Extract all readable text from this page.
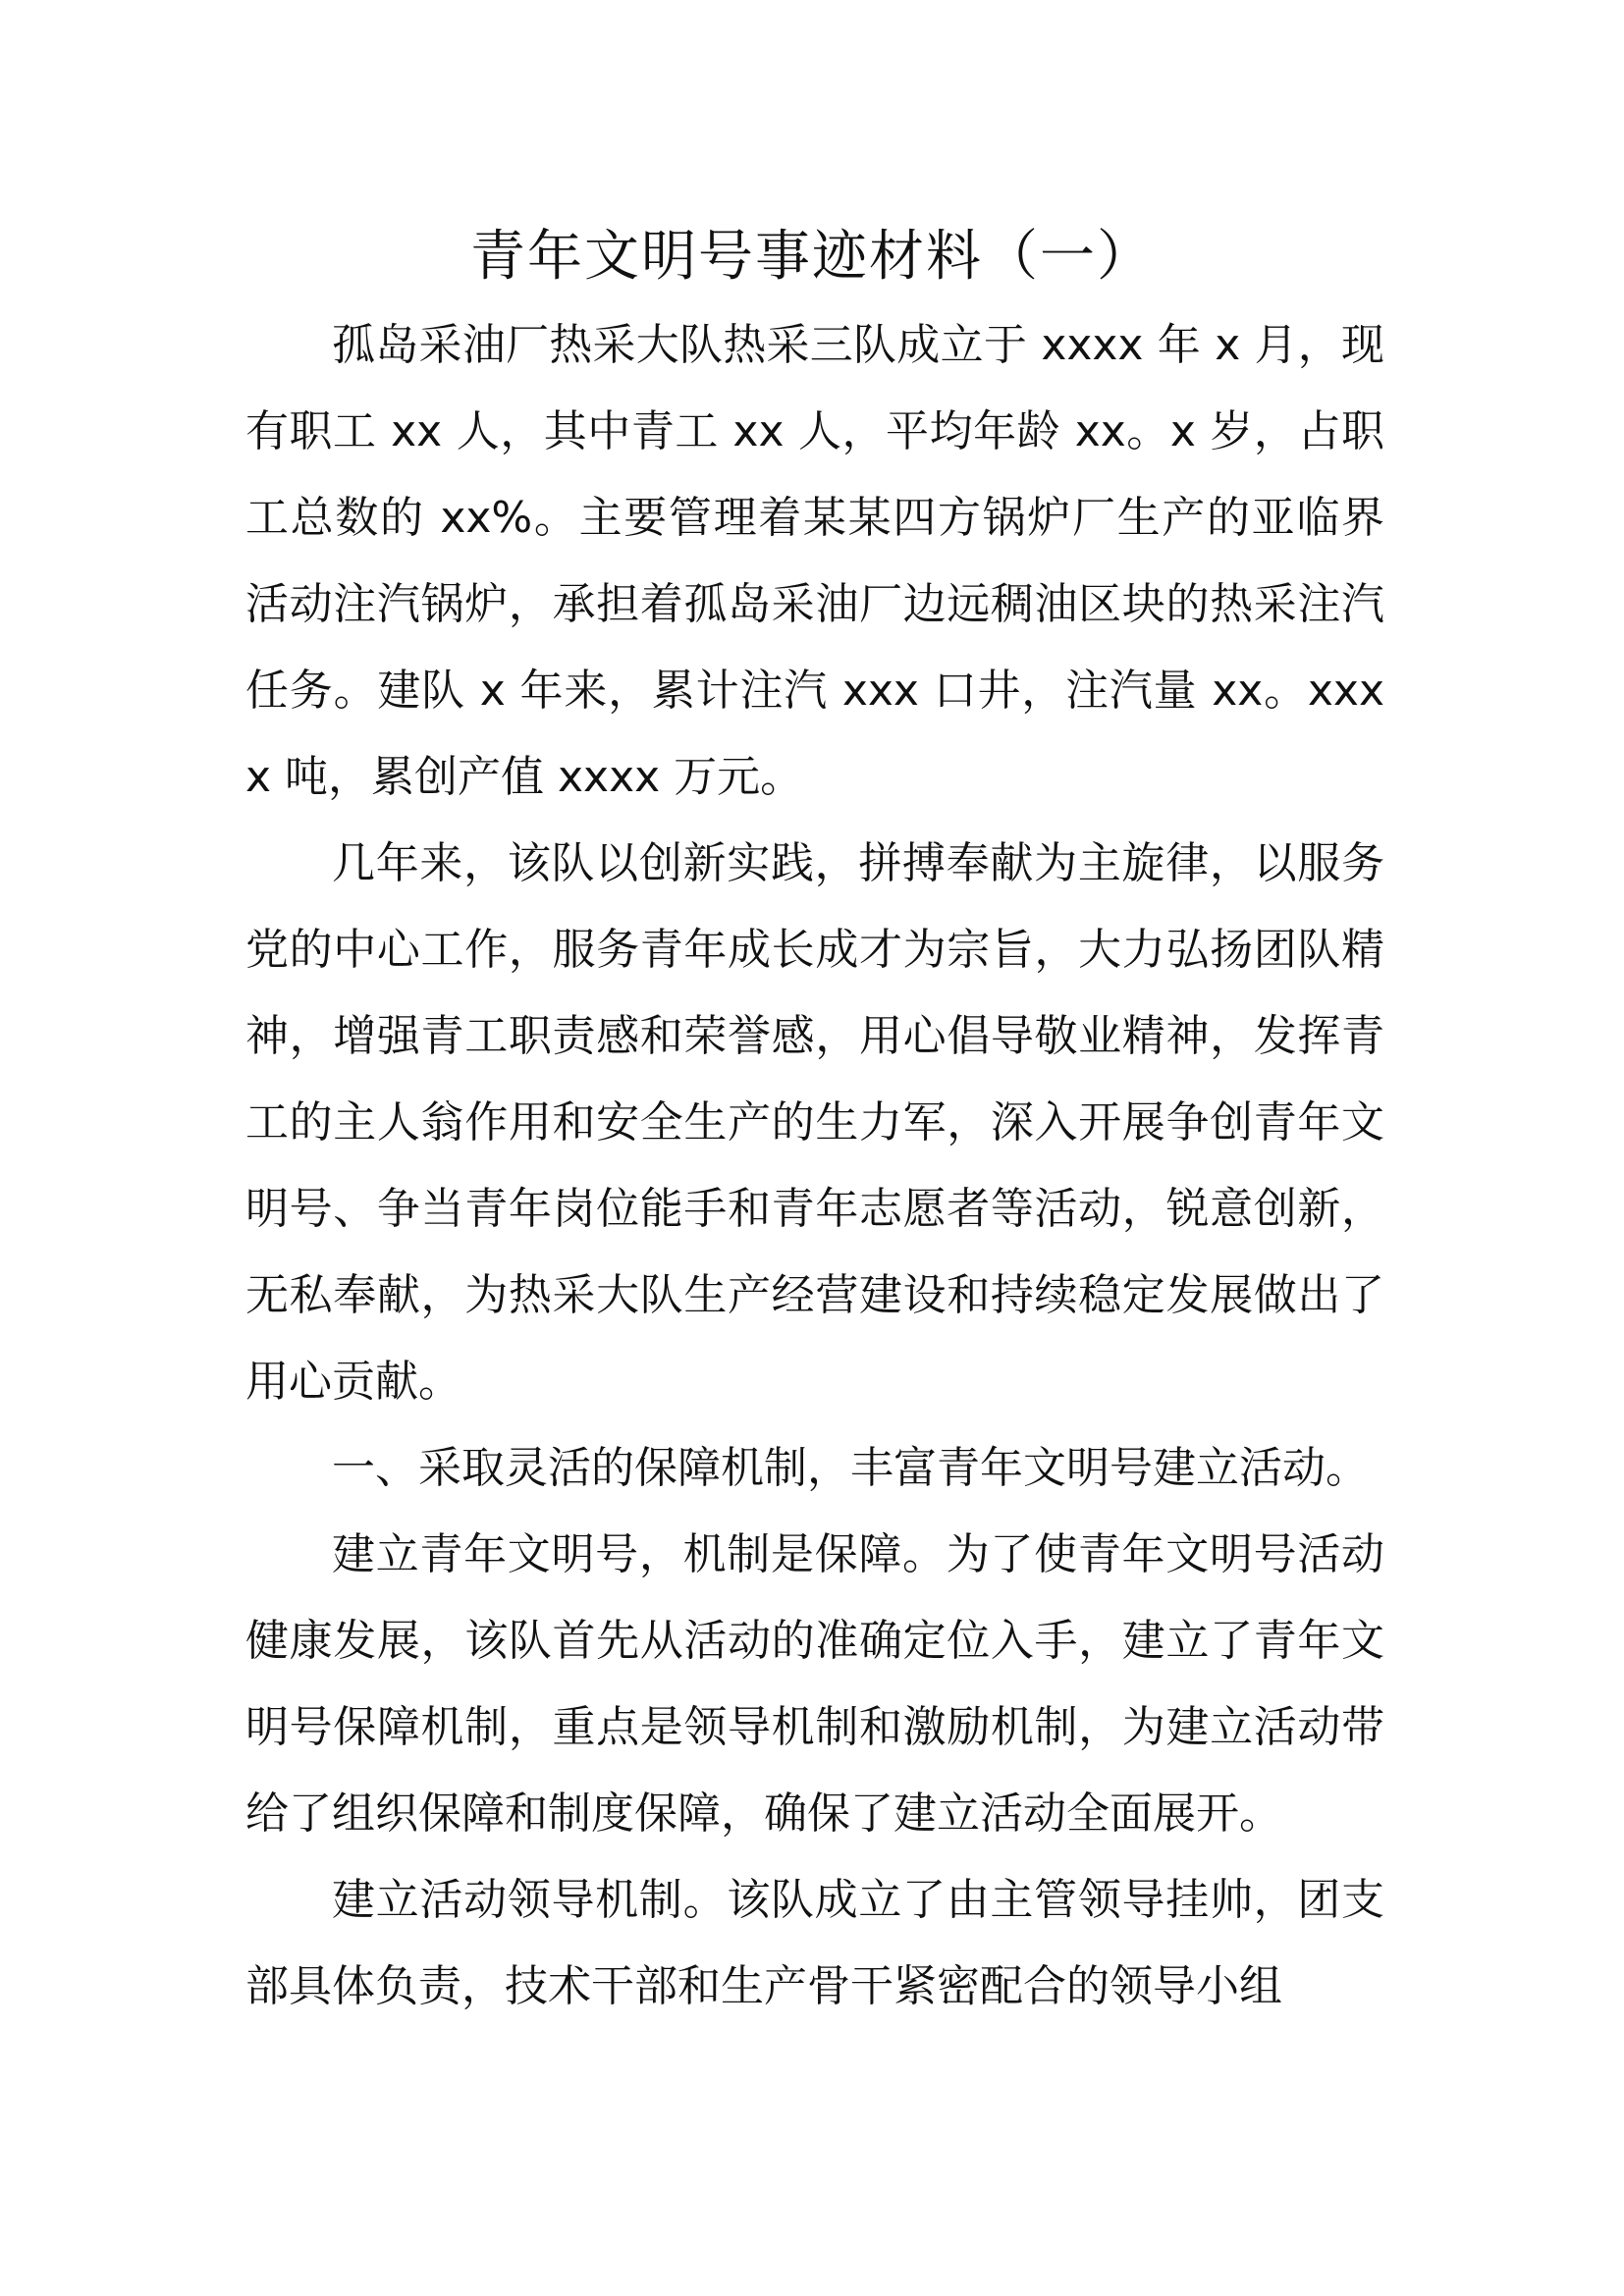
青年文明号事迹材料（一）

孤岛采油厂热采大队热采三队成立于 xxxx 年 x 月，现有职工 xx 人，其中青工 xx 人，平均年龄 xx。x 岁，占职工总数的 xx%。主要管理着某某四方锅炉厂生产的亚临界活动注汽锅炉，承担着孤岛采油厂边远稠油区块的热采注汽任务。建队 x 年来，累计注汽 xxx 口井，注汽量 xx。xxxx 吨，累创产值 xxxx 万元。

几年来，该队以创新实践，拼搏奉献为主旋律，以服务党的中心工作，服务青年成长成才为宗旨，大力弘扬团队精神，增强青工职责感和荣誉感，用心倡导敬业精神，发挥青工的主人翁作用和安全生产的生力军，深入开展争创青年文明号、争当青年岗位能手和青年志愿者等活动，锐意创新，无私奉献，为热采大队生产经营建设和持续稳定发展做出了用心贡献。

一、采取灵活的保障机制，丰富青年文明号建立活动。

建立青年文明号，机制是保障。为了使青年文明号活动健康发展，该队首先从活动的准确定位入手，建立了青年文明号保障机制，重点是领导机制和激励机制，为建立活动带给了组织保障和制度保障，确保了建立活动全面展开。

建立活动领导机制。该队成立了由主管领导挂帅，团支部具体负责，技术干部和生产骨干紧密配合的领导小组
